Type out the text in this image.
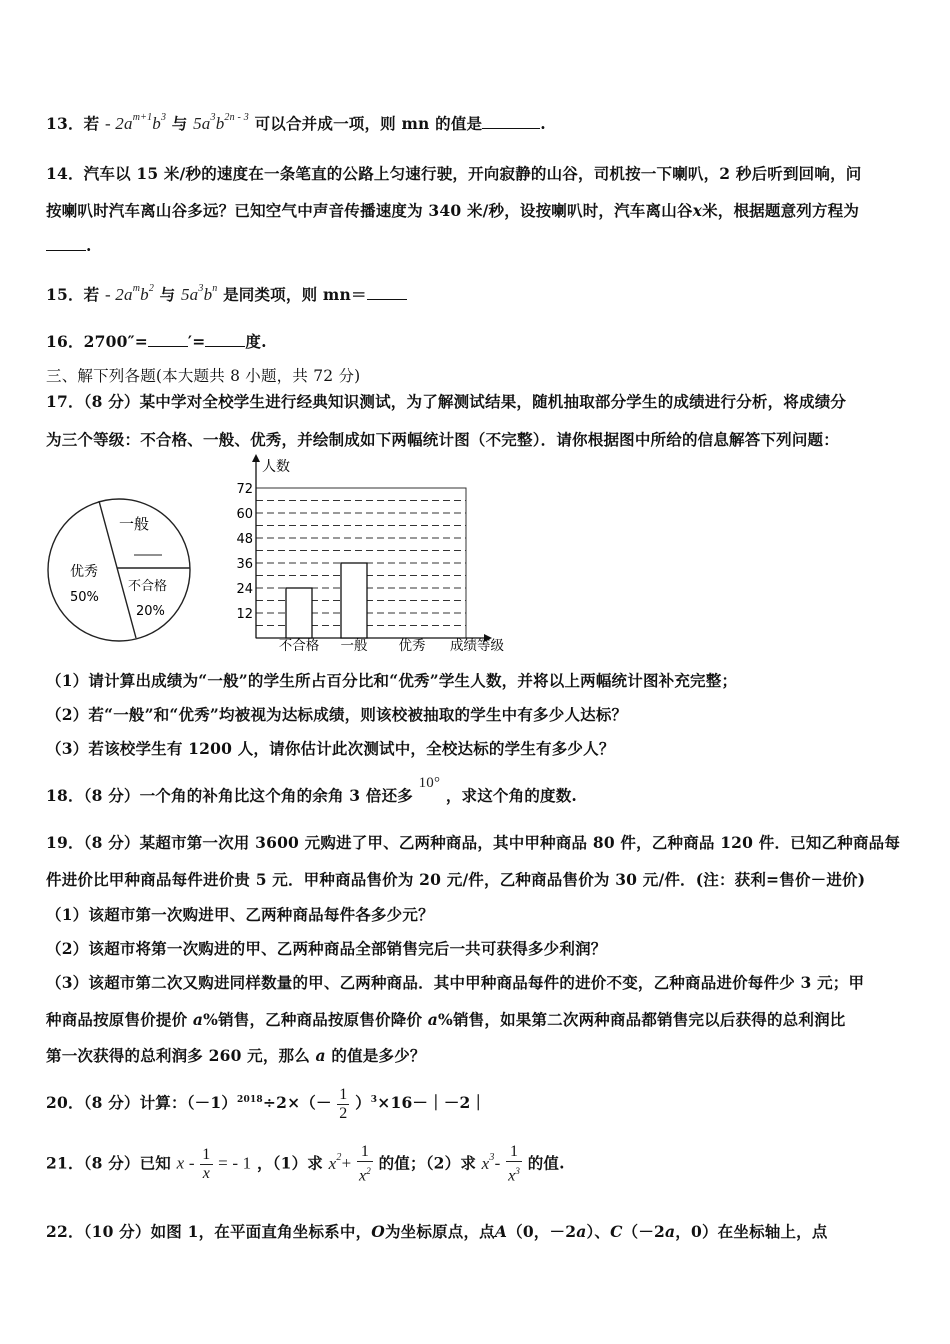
13．若 - $2a^{m+1}b^3$ 与 $5a^3b^{2n - 3}$ 可以合并成一项，则 mn 的值是	.
14．汽车以 15 米/秒的速度在一条笔直的公路上匀速行驶，开向寂静的山谷，司机按一下喇叭，2 秒后听到回响，问
按喇叭时汽车离山谷多远？已知空气中声音传播速度为 340 米/秒，设按喇叭时，汽车离山谷x米，根据题意列方程为
.
15．若 - $2a^mb^2$ 与 $5a^3b^n$ 是同类项，则 mn＝
16．2700″=	′=	度.
三、解下列各题(本大题共 8 小题，共 72 分)
17．（8 分）某中学对全校学生进行经典知识测试，为了解测试结果，随机抽取部分学生的成绩进行分析，将成绩分
为三个等级：不合格、一般、优秀，并绘制成如下两幅统计图（不完整）．请你根据图中所给的信息解答下列问题：
一般
优秀
50%
不合格
20%
人数
成绩等级
12
24
36
48
60
72
不合格 一般 优秀
（1）请计算出成绩为“一般”的学生所占百分比和“优秀”学生人数，并将以上两幅统计图补充完整；
（2）若“一般”和“优秀”均被视为达标成绩，则该校被抽取的学生中有多少人达标？
（3）若该校学生有 1200 人，请你估计此次测试中，全校达标的学生有多少人？
18．（8 分）一个角的补角比这个角的余角 3 倍还多 10° ，求这个角的度数.
19．（8 分）某超市第一次用 3600 元购进了甲、乙两种商品，其中甲种商品 80 件，乙种商品 120 件．已知乙种商品每
件进价比甲种商品每件进价贵 5 元．甲种商品售价为 20 元/件，乙种商品售价为 30 元/件．(注：获利=售价－进价)
（1）该超市第一次购进甲、乙两种商品每件各多少元？
（2）该超市将第一次购进的甲、乙两种商品全部销售完后一共可获得多少利润？
（3）该超市第二次又购进同样数量的甲、乙两种商品．其中甲种商品每件的进价不变，乙种商品进价每件少 3 元；甲
种商品按原售价提价 a%销售，乙种商品按原售价降价 a%销售，如果第二次两种商品都销售完以后获得的总利润比
第一次获得的总利润多 260 元，那么 a 的值是多少？
20．（8 分）计算：$(-1)^{2018}\div 2\times(- \frac{1}{2}$ ）$^3\times 16-|-2|$
21．（8 分）已知 x - $\frac{1}{x}$ = - 1 ，（1）求 $x^2+ \frac{1}{x^2}$ 的值；（2）求 $x^3- \frac{1}{x^3}$ 的值.
22．（10 分）如图 1，在平面直角坐标系中，O为坐标原点，点A（0，－2a）、C（－2a，0）在坐标轴上，点
